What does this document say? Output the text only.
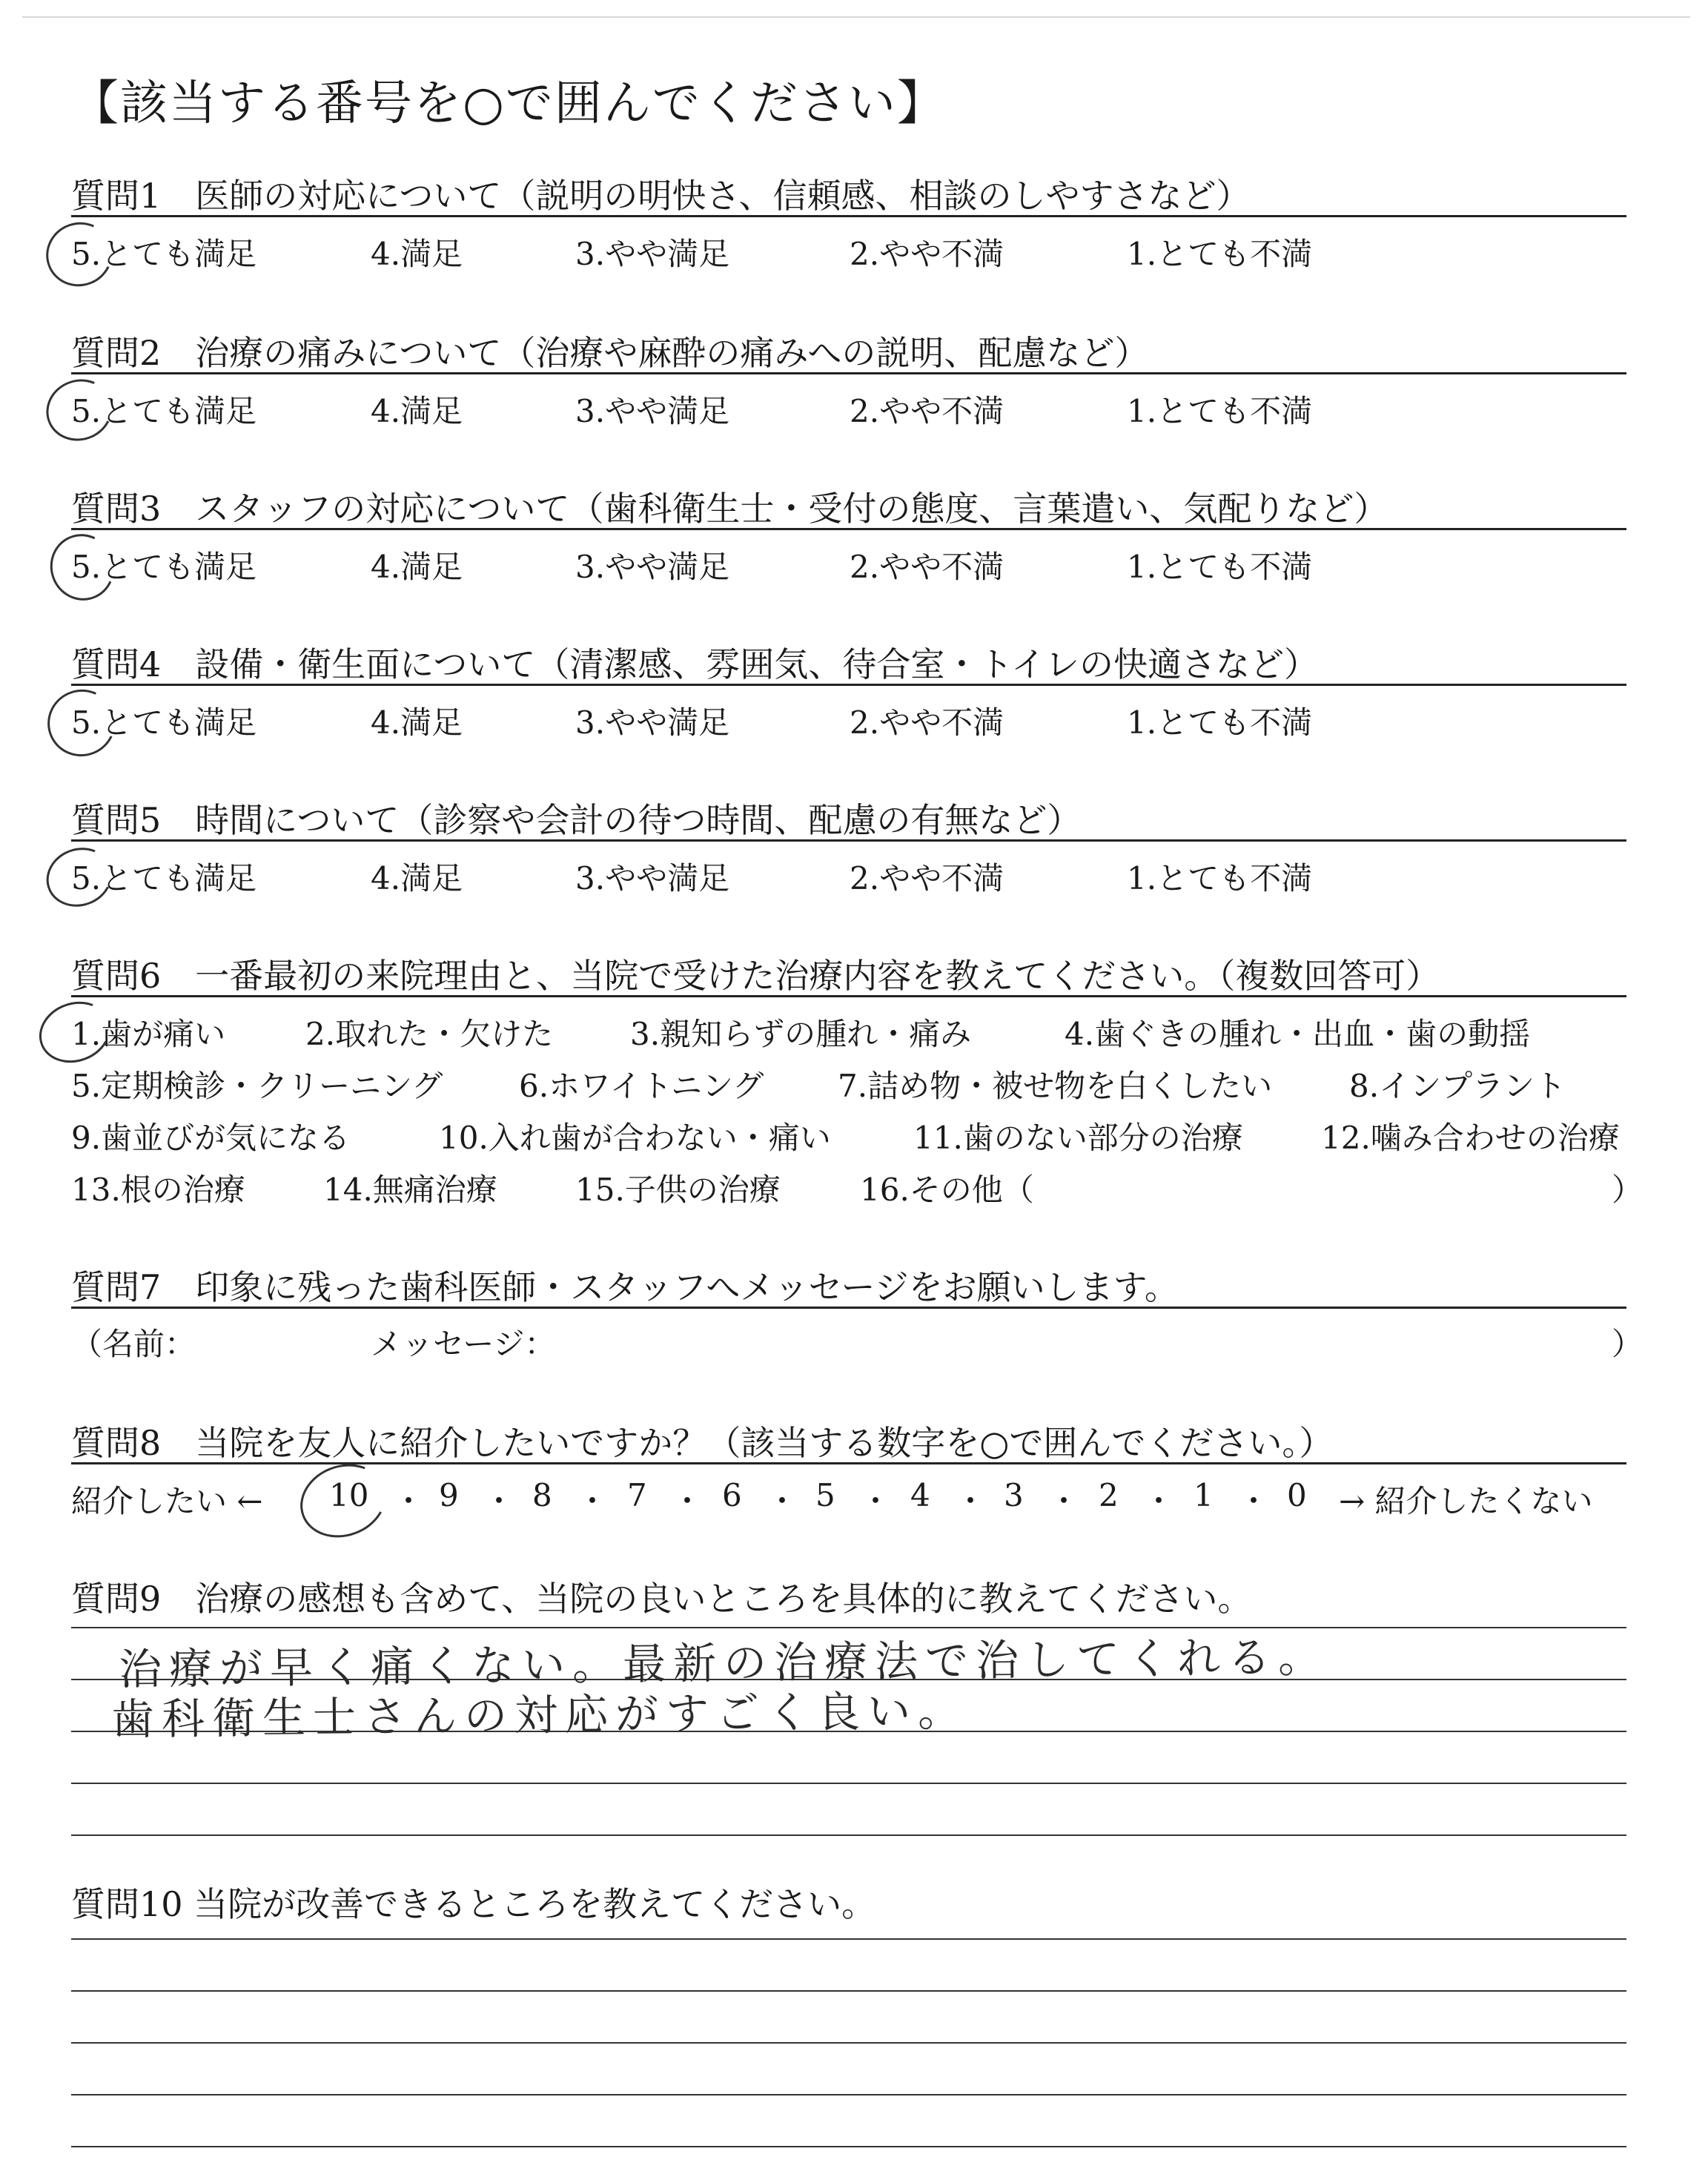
【該当する番号を○で囲んでください】
質問1　医師の対応について（説明の明快さ、信頼感、相談のしやすさなど）
5.とても満足	4.満足	3.やや満足	2.やや不満	1.とても不満
質問2　治療の痛みについて（治療や麻酔の痛みへの説明、配慮など）
5.とても満足	4.満足	3.やや満足	2.やや不満	1.とても不満
質問3　スタッフの対応について（歯科衛生士・受付の態度、言葉遣い、気配りなど）
5.とても満足	4.満足	3.やや満足	2.やや不満	1.とても不満
質問4　設備・衛生面について（清潔感、雰囲気、待合室・トイレの快適さなど）
5.とても満足	4.満足	3.やや満足	2.やや不満	1.とても不満
質問5　時間について（診察や会計の待つ時間、配慮の有無など）
5.とても満足	4.満足	3.やや満足	2.やや不満	1.とても不満
質問6　一番最初の来院理由と、当院で受けた治療内容を教えてください。（複数回答可）
1.歯が痛い	2.取れた・欠けた 3.親知らずの腫れ・痛み	4.歯ぐきの腫れ・出血・歯の動揺
5.定期検診・クリーニング 6.ホワイトニング 7.詰め物・被せ物を白くしたい 8.インプラント
9.歯並びが気になる	10.入れ歯が合わない・痛い	11.歯のない部分の治療	12.噛み合わせの治療
13.根の治療	14.無痛治療	15.子供の治療	16.その他（	）
質問7　印象に残った歯科医師・スタッフへメッセージをお願いします。
（名前：	メッセージ：	）
質問8　当院を友人に紹介したいですか？（該当する数字を○で囲んでください。）
紹介したい ← 10 ・ 9 ・ 8 ・ 7 ・ 6 ・ 5 ・ 4 ・ 3 ・ 2 ・ 1 ・ 0 → 紹介したくない
質問9　治療の感想も含めて、当院の良いところを具体的に教えてください。
治療が早く痛くない。最新の治療法で治してくれる。
歯科衛生士さんの対応がすごく良い。
質問10 当院が改善できるところを教えてください。
